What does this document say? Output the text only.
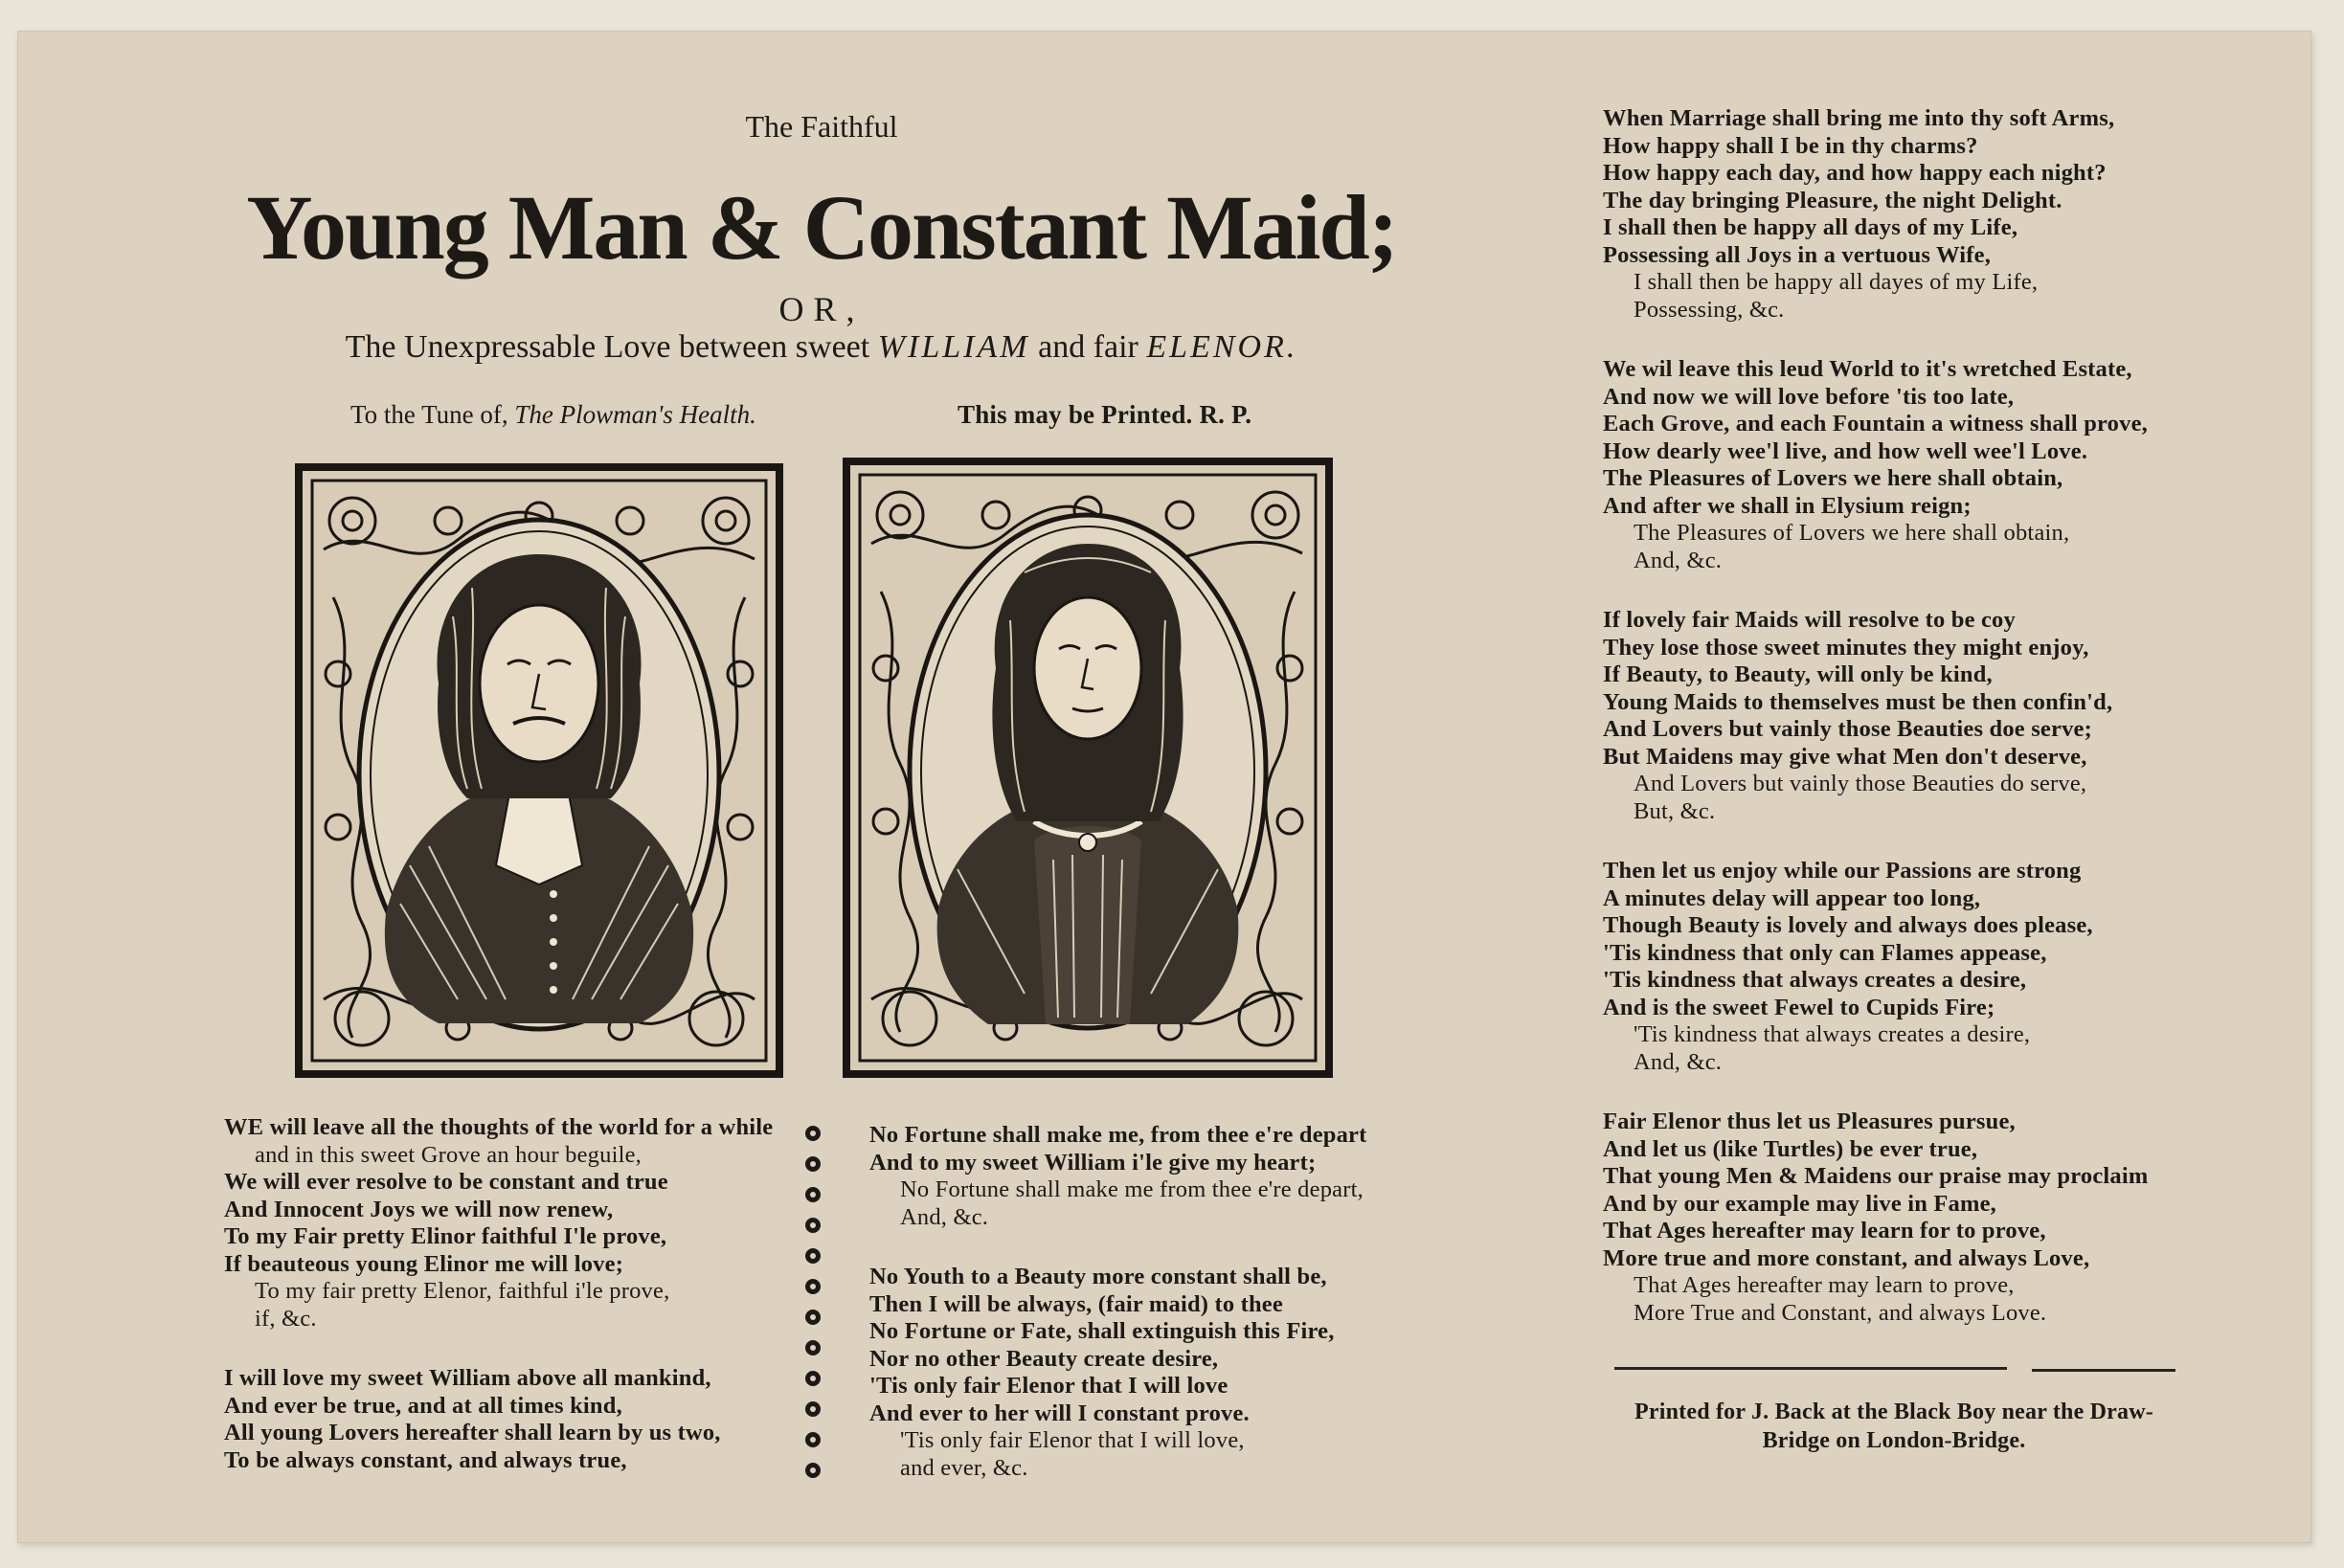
The Faithful
Young Man & Constant Maid;
OR,
The Unexpressable Love between sweet WILLIAM and fair ELENOR.
To the Tune of, The Plowman's Health.	This may be Printed. R. P.
WE will leave all the thoughts of the world for a while
and in this sweet Grove an hour beguile,
We will ever resolve to be constant and true
And Innocent Joys we will now renew,
To my Fair pretty Elinor faithful I'le prove,
If beauteous young Elinor me will love;
To my fair pretty Elenor, faithful i'le prove,
if, &c.
I will love my sweet William above all mankind,
And ever be true, and at all times kind,
All young Lovers hereafter shall learn by us two,
To be always constant, and always true,
No Fortune shall make me, from thee e're depart
And to my sweet William i'le give my heart;
No Fortune shall make me from thee e're depart,
And, &c.
No Youth to a Beauty more constant shall be,
Then I will be always, (fair maid) to thee
No Fortune or Fate, shall extinguish this Fire,
Nor no other Beauty create desire,
'Tis only fair Elenor that I will love
And ever to her will I constant prove.
'Tis only fair Elenor that I will love,
and ever, &c.
When Marriage shall bring me into thy soft Arms,
How happy shall I be in thy charms?
How happy each day, and how happy each night?
The day bringing Pleasure, the night Delight.
I shall then be happy all days of my Life,
Possessing all Joys in a vertuous Wife,
I shall then be happy all dayes of my Life,
Possessing, &c.
We wil leave this leud World to it's wretched Estate,
And now we will love before 'tis too late,
Each Grove, and each Fountain a witness shall prove,
How dearly wee'l live, and how well wee'l Love.
The Pleasures of Lovers we here shall obtain,
And after we shall in Elysium reign;
The Pleasures of Lovers we here shall obtain,
And, &c.
If lovely fair Maids will resolve to be coy
They lose those sweet minutes they might enjoy,
If Beauty, to Beauty, will only be kind,
Young Maids to themselves must be then confin'd,
And Lovers but vainly those Beauties doe serve;
But Maidens may give what Men don't deserve,
And Lovers but vainly those Beauties do serve,
But, &c.
Then let us enjoy while our Passions are strong
A minutes delay will appear too long,
Though Beauty is lovely and always does please,
'Tis kindness that only can Flames appease,
'Tis kindness that always creates a desire,
And is the sweet Fewel to Cupids Fire;
'Tis kindness that always creates a desire,
And, &c.
Fair Elenor thus let us Pleasures pursue,
And let us (like Turtles) be ever true,
That young Men & Maidens our praise may proclaim
And by our example may live in Fame,
That Ages hereafter may learn for to prove,
More true and more constant, and always Love,
That Ages hereafter may learn to prove,
More True and Constant, and always Love.
Printed for J. Back at the Black Boy near the Draw-
Bridge on London-Bridge.
